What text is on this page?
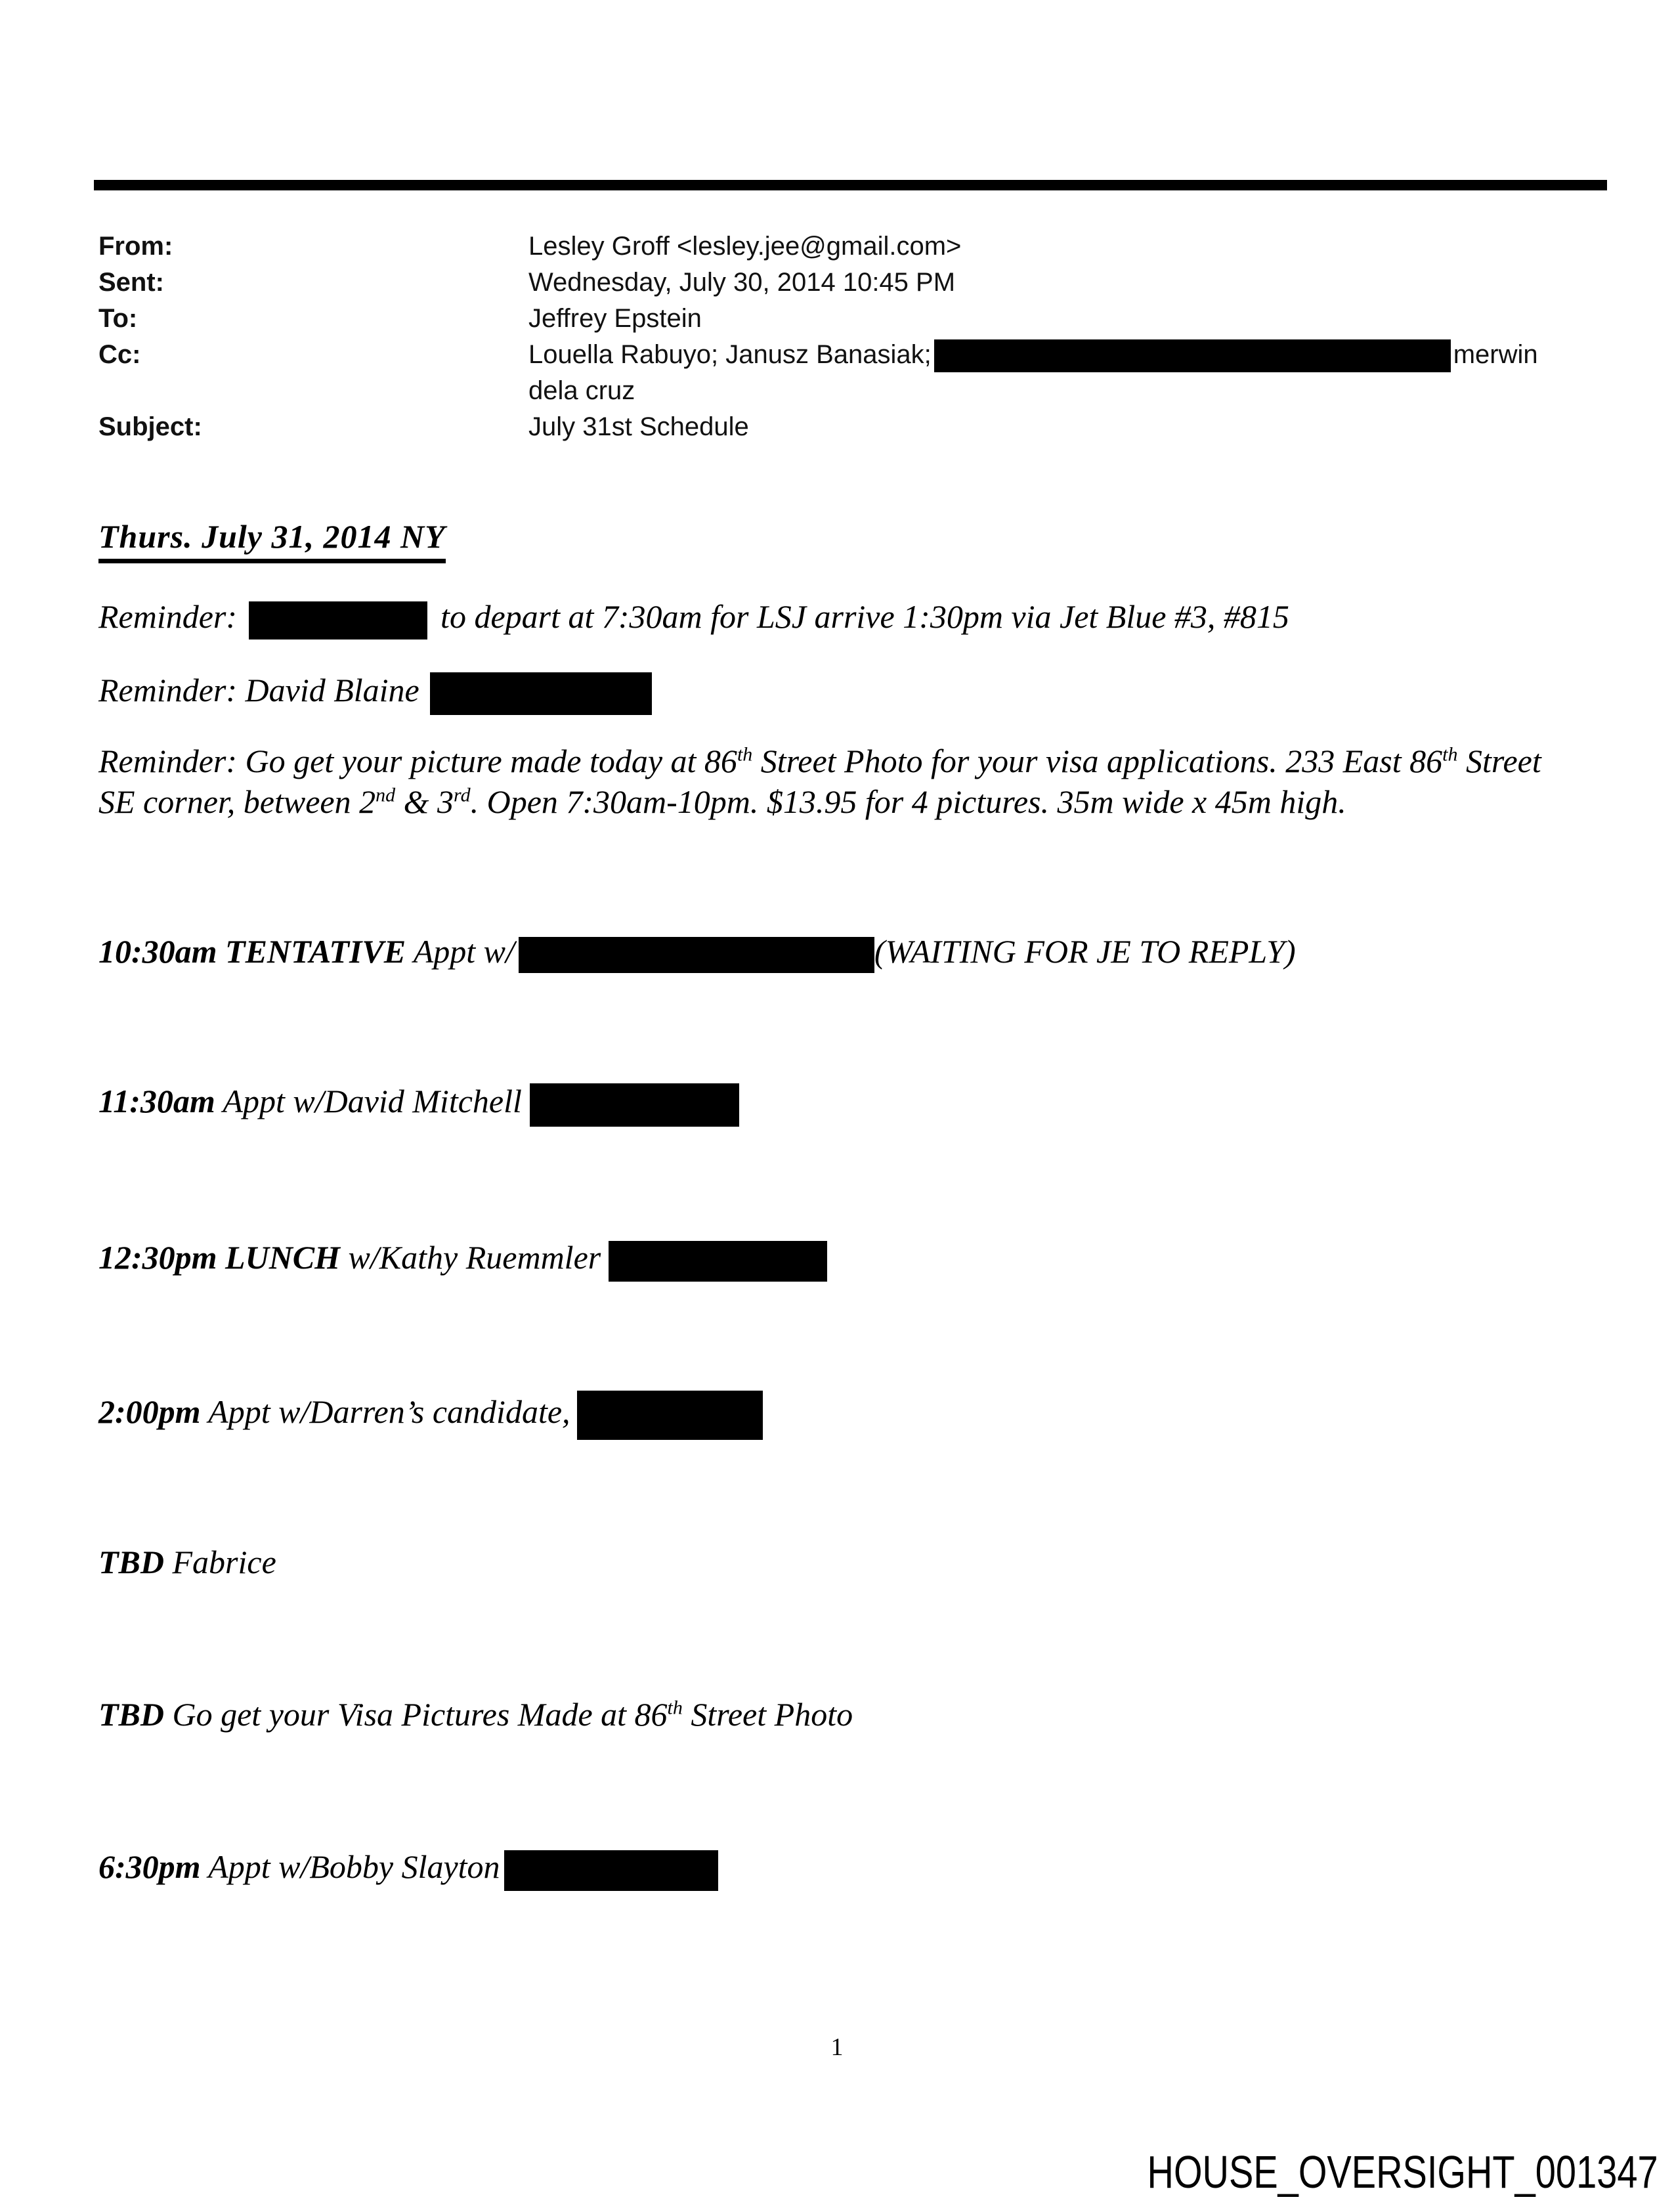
From:	Lesley Groff <lesley.jee@gmail.com>
Sent:	Wednesday, July 30, 2014 10:45 PM
To:	Jeffrey Epstein
Cc:	Louella Rabuyo; Janusz Banasiak;	merwin
dela cruz
Subject:	July 31st Schedule
Thurs. July 31, 2014 NY
Reminder:	to depart at 7:30am for LSJ arrive 1:30pm via Jet Blue #3, #815
Reminder: David Blaine
Reminder: Go get your picture made today at 86th Street Photo for your visa applications. 233 East 86th Street
SE corner, between 2nd & 3rd. Open 7:30am-10pm. $13.95 for 4 pictures. 35m wide x 45m high.
10:30am TENTATIVE Appt w/	(WAITING FOR JE TO REPLY)
11:30am Appt w/David Mitchell
12:30pm LUNCH w/Kathy Ruemmler
2:00pm Appt w/Darren’s candidate,
TBD Fabrice
TBD Go get your Visa Pictures Made at 86th Street Photo
6:30pm Appt w/Bobby Slayton
1
HOUSE_OVERSIGHT_001347
